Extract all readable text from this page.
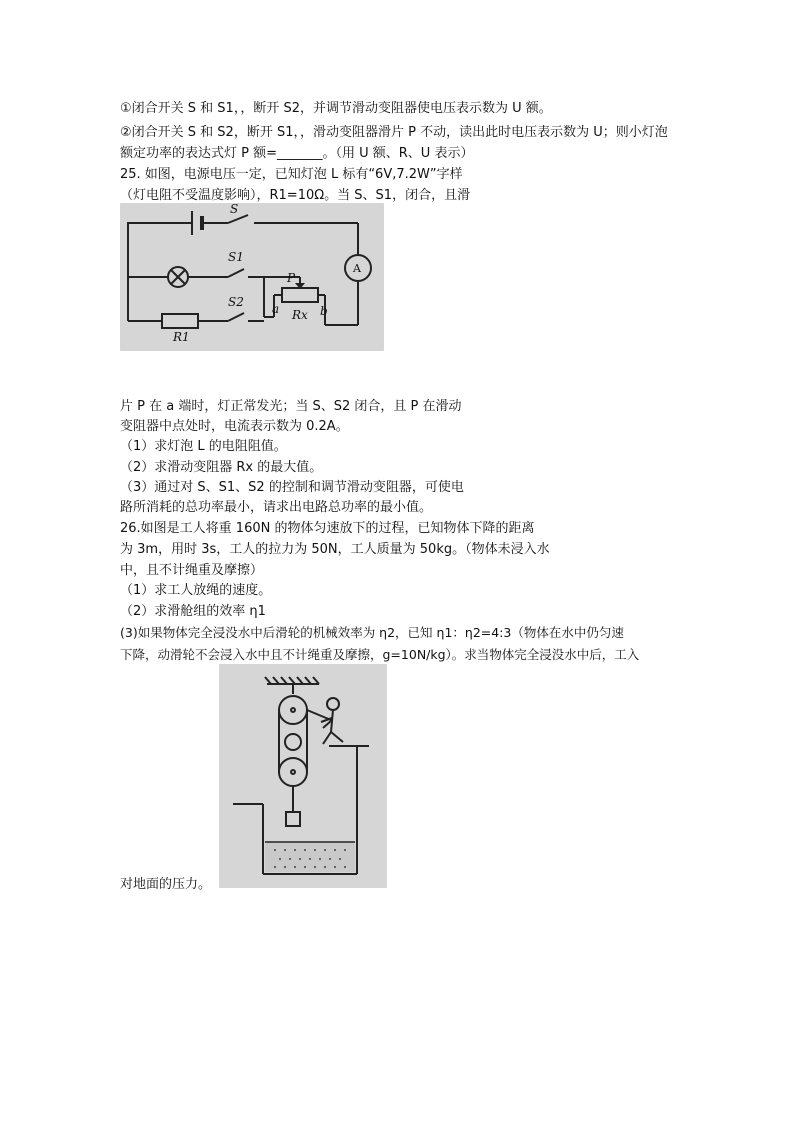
①闭合开关 S 和 S1，，断开 S2，并调节滑动变阻器使电压表示数为 U 额。
②闭合开关 S 和 S2，断开 S1，，滑动变阻器滑片 P 不动，读出此时电压表示数为 U；则小灯泡
额定功率的表达式灯 P 额=_______。（用 U 额、R、U 表示）
25. 如图，电源电压一定，已知灯泡 L 标有“6V,7.2W”字样
（灯电阻不受温度影响），R1=10Ω。当 S、S1，闭合，且滑
S
S1
S2
A
P
Rx
a	b
R1
片 P 在 a 端时，灯正常发光；当 S、S2 闭合，且 P 在滑动
变阻器中点处时，电流表示数为 0.2A。
（1）求灯泡 L 的电阻阻值。
（2）求滑动变阻器 Rx 的最大值。
（3）通过对 S、S1、S2 的控制和调节滑动变阻器，可使电
路所消耗的总功率最小，请求出电路总功率的最小值。
26.如图是工人将重 160N 的物体匀速放下的过程，已知物体下降的距离
为 3m，用时 3s，工人的拉力为 50N，工人质量为 50kg。（物体未浸入水
中，且不计绳重及摩擦）
（1）求工人放绳的速度。
（2）求滑舱组的效率 η1
(3)如果物体完全浸没水中后滑轮的机械效率为 η2，已知 η1：η2=4:3（物体在水中仍匀速
下降，动滑轮不会浸入水中且不计绳重及摩擦，g=10N/kg）。求当物体完全浸没水中后，工入
对地面的压力。
